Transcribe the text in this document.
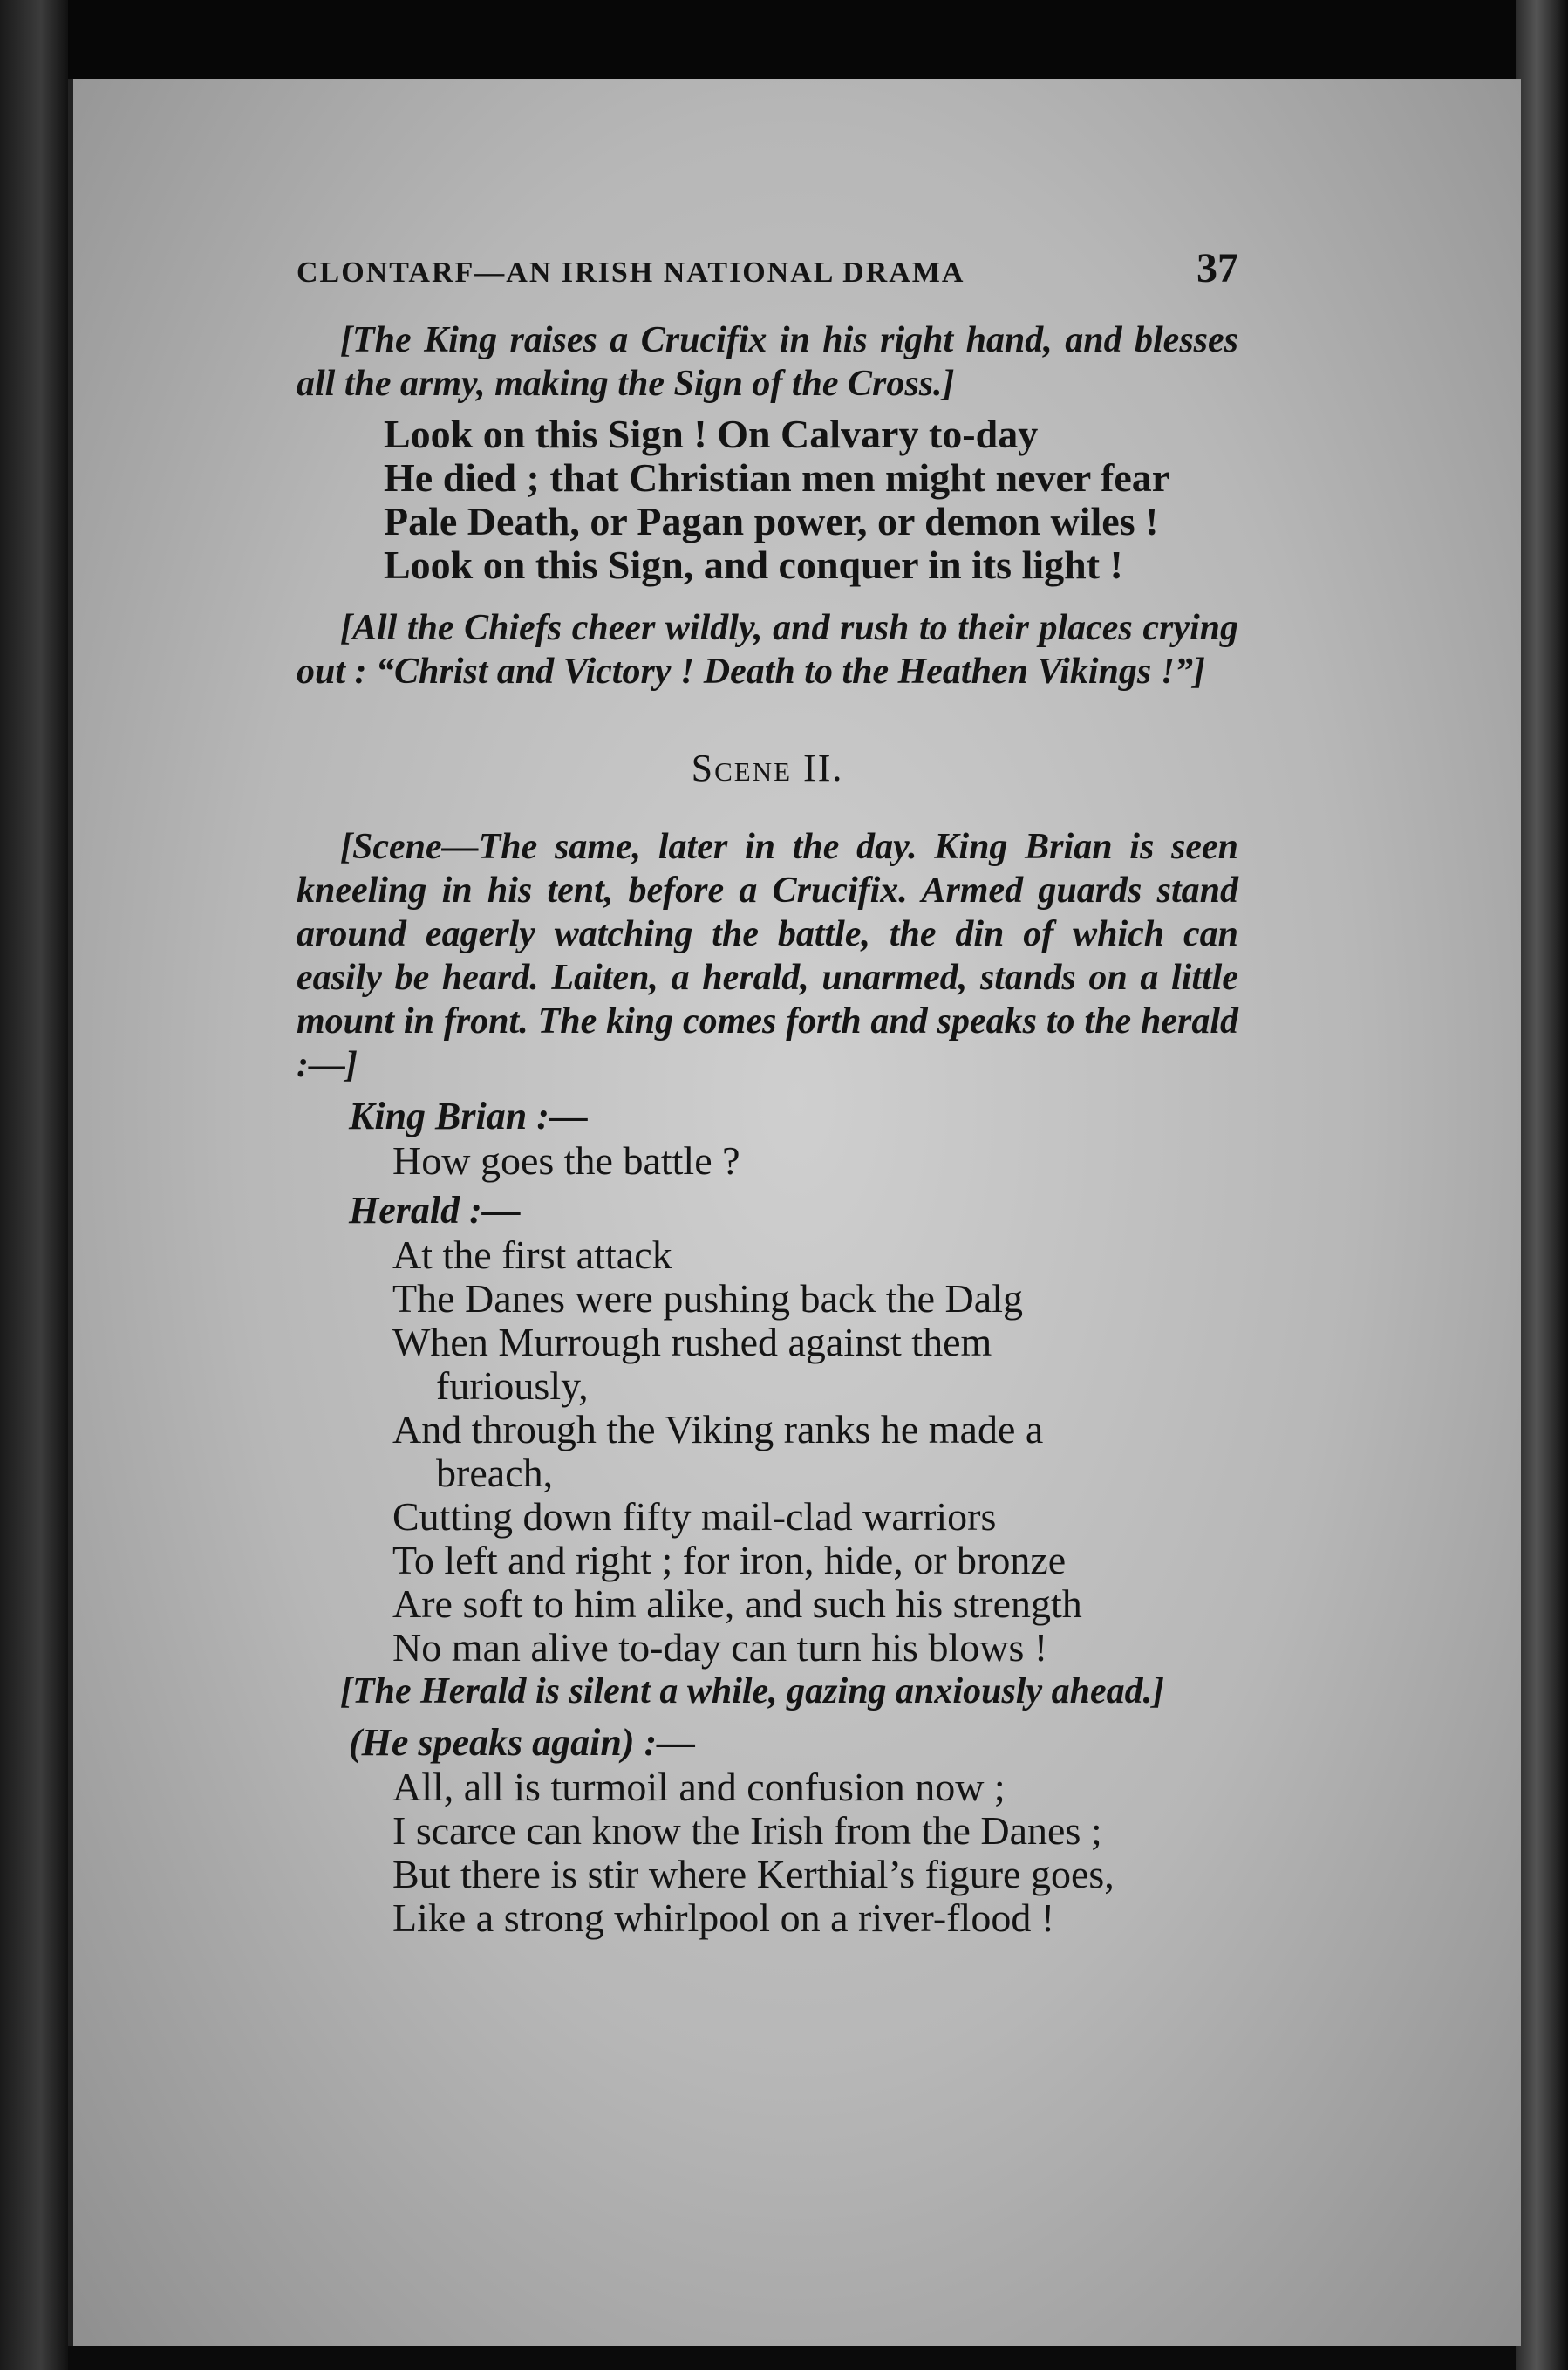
CLONTARF—AN IRISH NATIONAL DRAMA	37

[The King raises a Crucifix in his right hand, and blesses all the army, making the Sign of the Cross.]

Look on this Sign ! On Calvary to-day
He died ; that Christian men might never fear
Pale Death, or Pagan power, or demon wiles !
Look on this Sign, and conquer in its light !

[All the Chiefs cheer wildly, and rush to their places crying out : “Christ and Victory ! Death to the Heathen Vikings !”]

Scene II.

[Scene—The same, later in the day. King Brian is seen kneeling in his tent, before a Crucifix. Armed guards stand around eagerly watching the battle, the din of which can easily be heard. Laiten, a herald, unarmed, stands on a little mount in front. The king comes forth and speaks to the herald :—]

King Brian :—
How goes the battle ?
Herald :—
At the first attack
The Danes were pushing back the Dalg
When Murrough rushed against them
furiously,
And through the Viking ranks he made a
breach,
Cutting down fifty mail-clad warriors
To left and right ; for iron, hide, or bronze
Are soft to him alike, and such his strength
No man alive to-day can turn his blows !

[The Herald is silent a while, gazing anxiously ahead.]

(He speaks again) :—
All, all is turmoil and confusion now ;
I scarce can know the Irish from the Danes ;
But there is stir where Kerthial’s figure goes,
Like a strong whirlpool on a river-flood !
